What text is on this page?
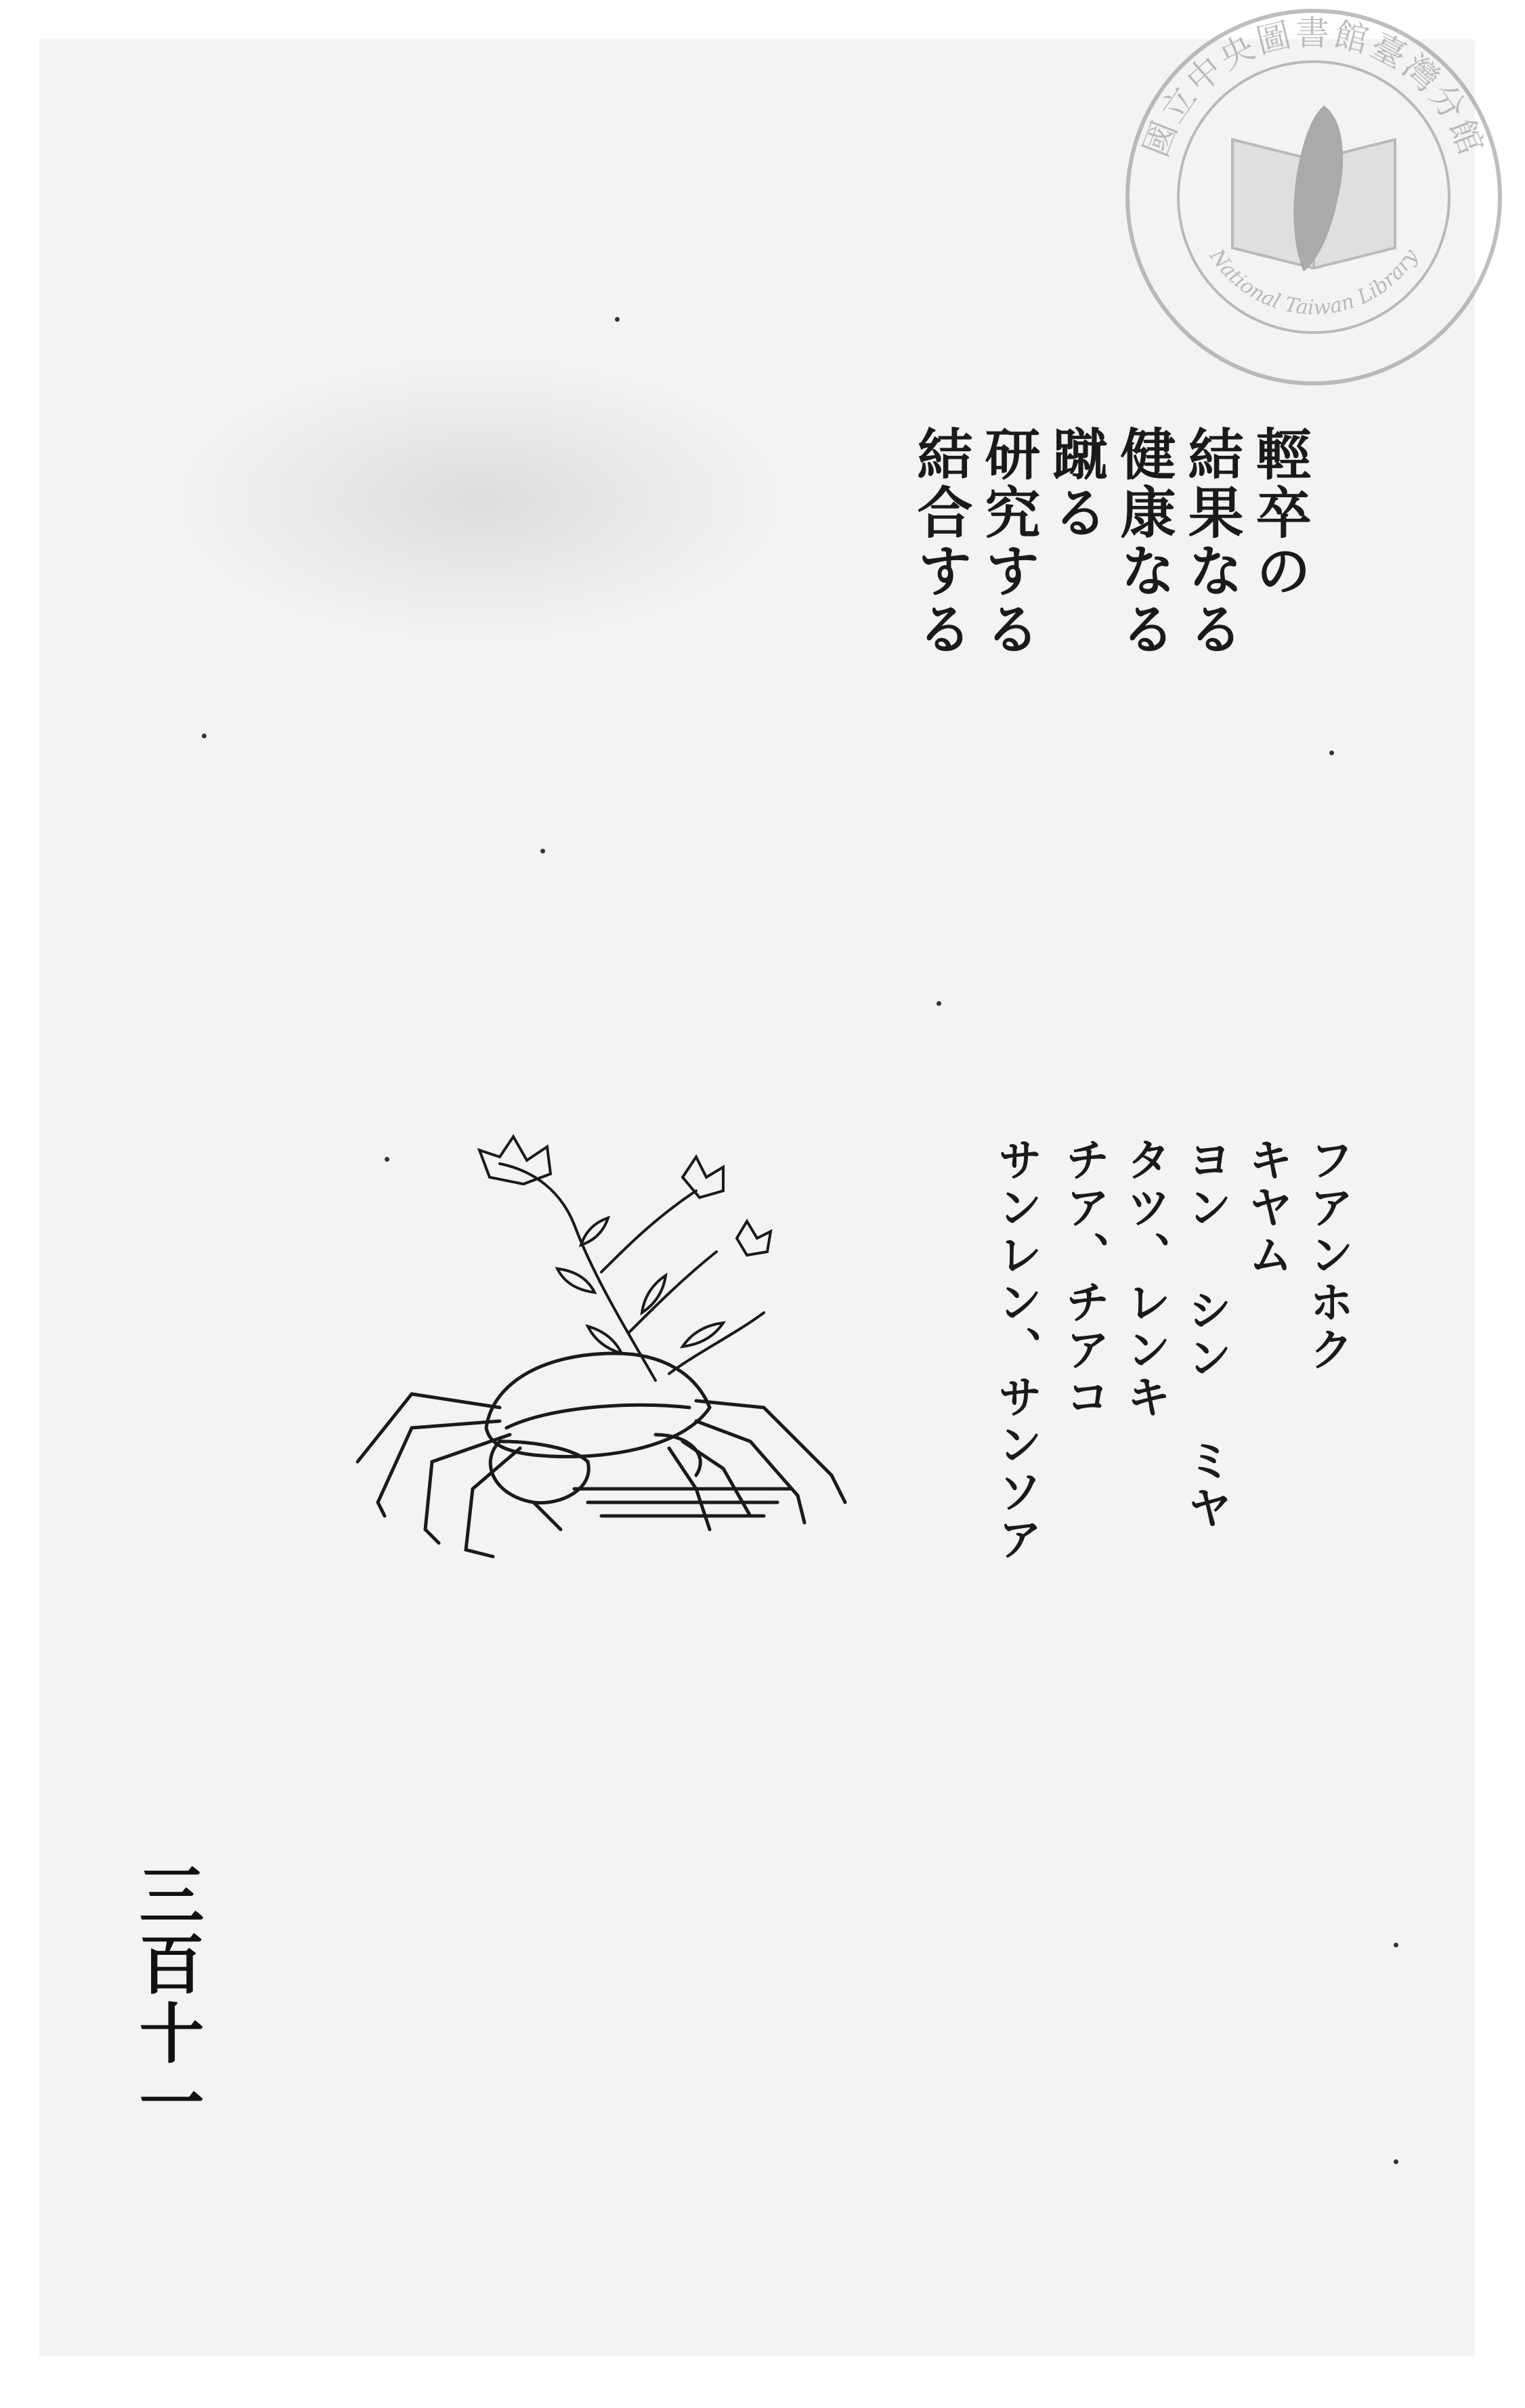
輕卒の
結果なる
健康なる
蹴る
研究する
結合する
フアンホク
キヤム
ヨン シン ミヤ
タツ、レンキ
チア、チアコ
サンレン、サンソア
三百十一
國立中央圖書館臺灣分館
National Taiwan Library
